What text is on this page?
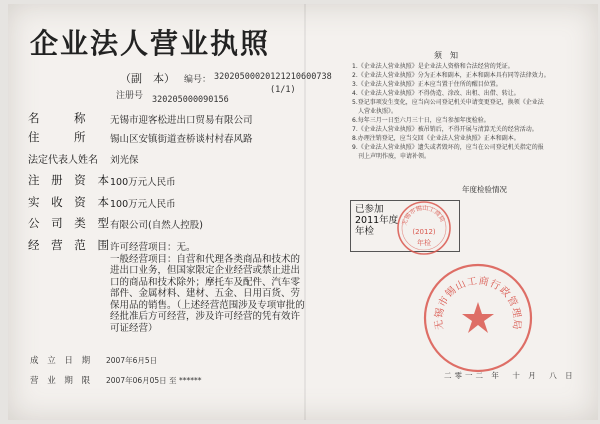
企业法人营业执照
（副　本） 编号： 32020500020121210600738
(1/1)
注册号 320205000090156
名　　　称	无锡市迎客松进出口贸易有限公司
住　　　所	锡山区安镇街道查桥谈村村春风路
法定代表人姓名 刘光保
注 册 资 本
100万元人民币
实 收 资 本
100万元人民币
公 司 类 型
有限公司(自然人控股)
经 营 范 围
许可经营项目：无。
一般经营项目：自营和代理各类商品和技术的进出口业务，但国家限定企业经营或禁止进出口的商品和技术除外；摩托车及配件、汽车零部件、金属材料、建材、五金、日用百货、劳保用品的销售。（上述经营范围涉及专项审批的经批准后方可经营，涉及许可经营的凭有效许可证经营）
成 立 日 期 2007年6月5日
营 业 期 限 2007年06月05日 至 ******
须　知
1.《企业法人营业执照》是企业法人资格和合法经营的凭证。
2.《企业法人营业执照》分为正本和副本，正本和副本具有同等法律效力。
3.《企业法人营业执照》正本应当置于住所的醒目位置。
4.《企业法人营业执照》不得伪造、涂改、出租、出借、转让。
5.登记事项发生变化，应当向公司登记机关申请变更登记，换领《企业法
　人营业执照》。
6.每年三月一日至六月三十日，应当参加年度检验。
7.《企业法人营业执照》被吊销后，不得开展与清算无关的经营活动。
8.办理注销登记，应当交回《企业法人营业执照》正本和副本。
9.《企业法人营业执照》遗失或者毁坏的，应当在公司登记机关指定的报
　刊上声明作废，申请补领。
年度检验情况
已参加
2011年度
年检
无锡市锡山工商局
(2012)
年检
无锡市锡山工商行政管理局
二零一二 年　十 月　八 日
